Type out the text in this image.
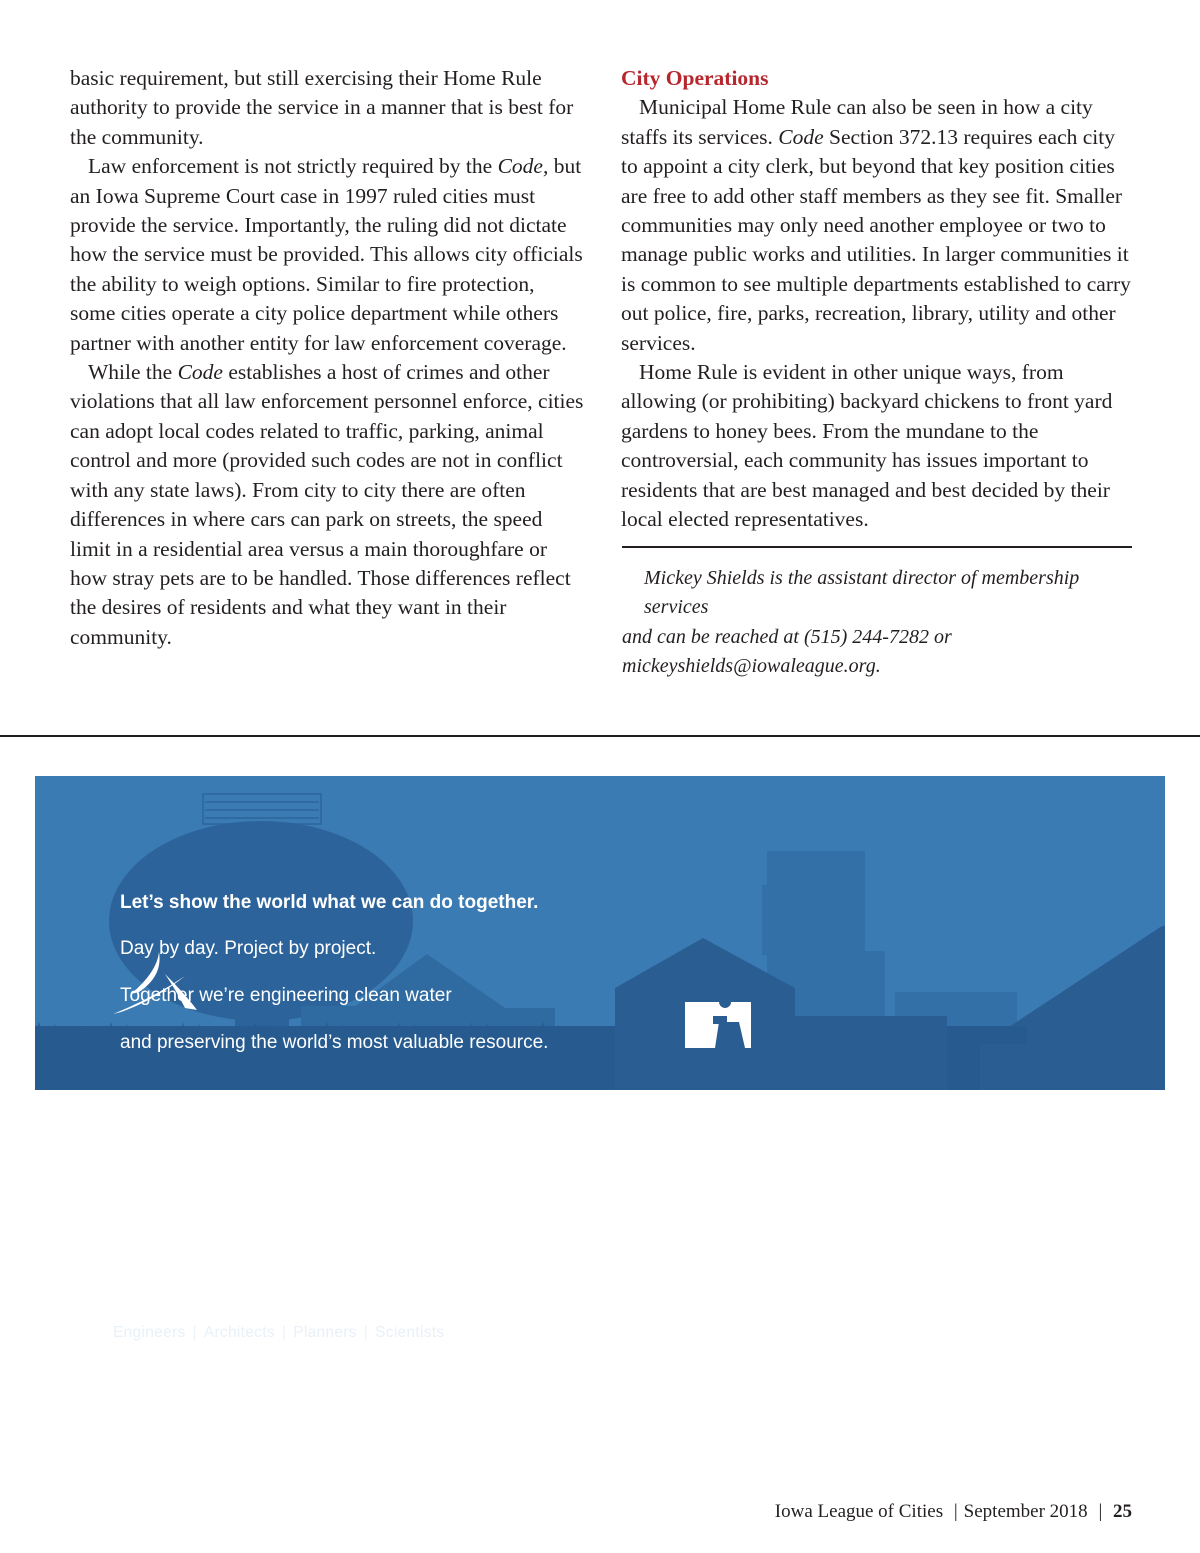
basic requirement, but still exercising their Home Rule authority to provide the service in a manner that is best for the community.

Law enforcement is not strictly required by the Code, but an Iowa Supreme Court case in 1997 ruled cities must provide the service. Importantly, the ruling did not dictate how the service must be provided. This allows city officials the ability to weigh options. Similar to fire protection, some cities operate a city police department while others partner with another entity for law enforcement coverage.

While the Code establishes a host of crimes and other violations that all law enforcement personnel enforce, cities can adopt local codes related to traffic, parking, animal control and more (provided such codes are not in conflict with any state laws). From city to city there are often differences in where cars can park on streets, the speed limit in a residential area versus a main thoroughfare or how stray pets are to be handled. Those differences reflect the desires of residents and what they want in their community.

City Operations

Municipal Home Rule can also be seen in how a city staffs its services. Code Section 372.13 requires each city to appoint a city clerk, but beyond that key position cities are free to add other staff members as they see fit. Smaller communities may only need another employee or two to manage public works and utilities. In larger communities it is common to see multiple departments established to carry out police, fire, parks, recreation, library, utility and other services.

Home Rule is evident in other unique ways, from allowing (or prohibiting) backyard chickens to front yard gardens to honey bees. From the mundane to the controversial, each community has issues important to residents that are best managed and best decided by their local elected representatives.

Mickey Shields is the assistant director of membership services
and can be reached at (515) 244-7282 or
mickeyshields@iowaleague.org.
Let’s show the world what we can do together.
Day by day. Project by project.
Together we’re engineering clean water
and preserving the world’s most valuable resource.
Iowa League of Cities | September 2018 | 25
SEH
®
Engineers | Architects | Planners | Scientists
Building a Better World for All of Us®
sehinc.com • 800.325.2055
